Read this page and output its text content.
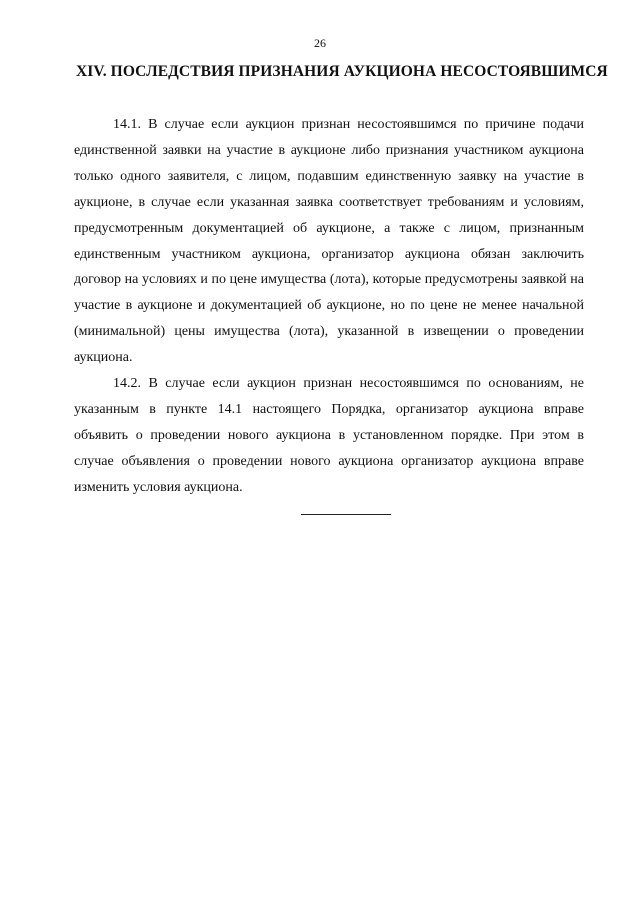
26
XIV. ПОСЛЕДСТВИЯ ПРИЗНАНИЯ АУКЦИОНА НЕСОСТОЯВШИМСЯ

14.1. В случае если аукцион признан несостоявшимся по причине подачи единственной заявки на участие в аукционе либо признания участником аукциона только одного заявителя, с лицом, подавшим единственную заявку на участие в аукционе, в случае если указанная заявка соответствует требованиям и условиям, предусмотренным документацией об аукционе, а также с лицом, признанным единственным участником аукциона, организатор аукциона обязан заключить договор на условиях и по цене имущества (лота), которые предусмотрены заявкой на участие в аукционе и документацией об аукционе, но по цене не менее начальной (минимальной) цены имущества (лота), указанной в извещении о проведении аукциона.

14.2. В случае если аукцион признан несостоявшимся по основаниям, не указанным в пункте 14.1 настоящего Порядка, организатор аукциона вправе объявить о проведении нового аукциона в установленном порядке. При этом в случае объявления о проведении нового аукциона организатор аукциона вправе изменить условия аукциона.
